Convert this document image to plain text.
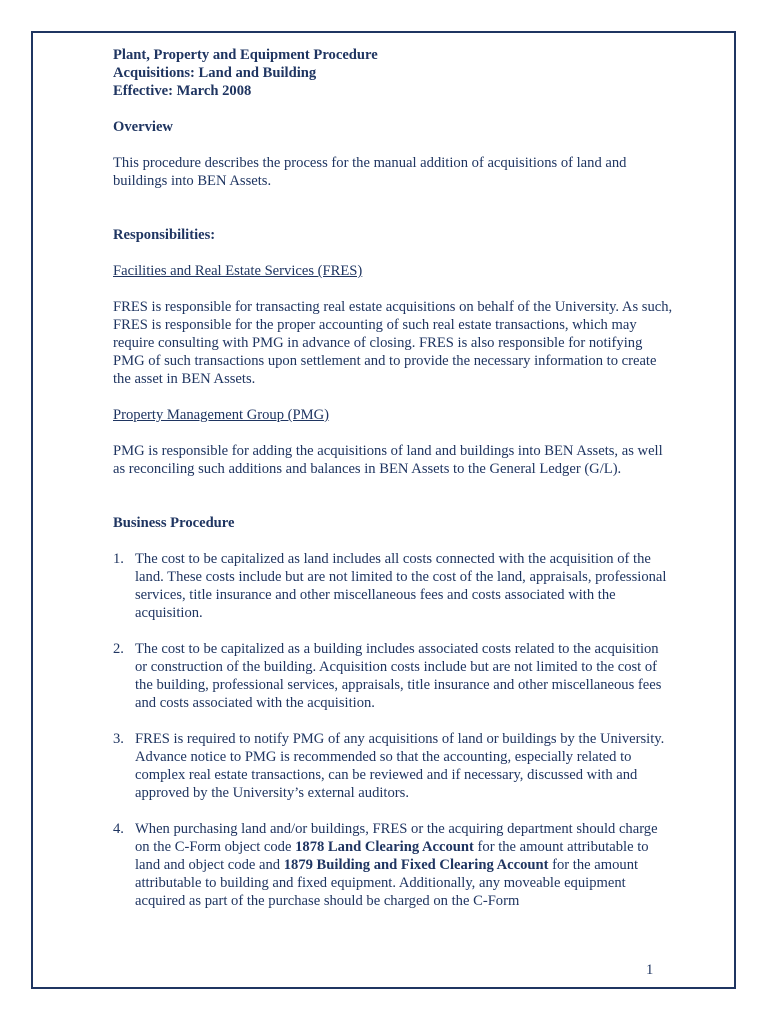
Plant, Property and Equipment Procedure

Acquisitions: Land and Building

Effective: March 2008

Overview

This procedure describes the process for the manual addition of acquisitions of land and buildings into BEN Assets.

Responsibilities:

Facilities and Real Estate Services (FRES)

FRES is responsible for transacting real estate acquisitions on behalf of the University. As such, FRES is responsible for the proper accounting of such real estate transactions, which may require consulting with PMG in advance of closing. FRES is also responsible for notifying PMG of such transactions upon settlement and to provide the necessary information to create the asset in BEN Assets.

Property Management Group (PMG)

PMG is responsible for adding the acquisitions of land and buildings into BEN Assets, as well as reconciling such additions and balances in BEN Assets to the General Ledger (G/L).

Business Procedure

1. The cost to be capitalized as land includes all costs connected with the acquisition of the land. These costs include but are not limited to the cost of the land, appraisals, professional services, title insurance and other miscellaneous fees and costs associated with the acquisition.
2. The cost to be capitalized as a building includes associated costs related to the acquisition or construction of the building. Acquisition costs include but are not limited to the cost of the building, professional services, appraisals, title insurance and other miscellaneous fees and costs associated with the acquisition.
3. FRES is required to notify PMG of any acquisitions of land or buildings by the University. Advance notice to PMG is recommended so that the accounting, especially related to complex real estate transactions, can be reviewed and if necessary, discussed with and approved by the University’s external auditors.
4. When purchasing land and/or buildings, FRES or the acquiring department should charge on the C-Form object code 1878 Land Clearing Account for the amount attributable to land and object code and 1879 Building and Fixed Clearing Account for the amount attributable to building and fixed equipment. Additionally, any moveable equipment acquired as part of the purchase should be charged on the C-Form
1
